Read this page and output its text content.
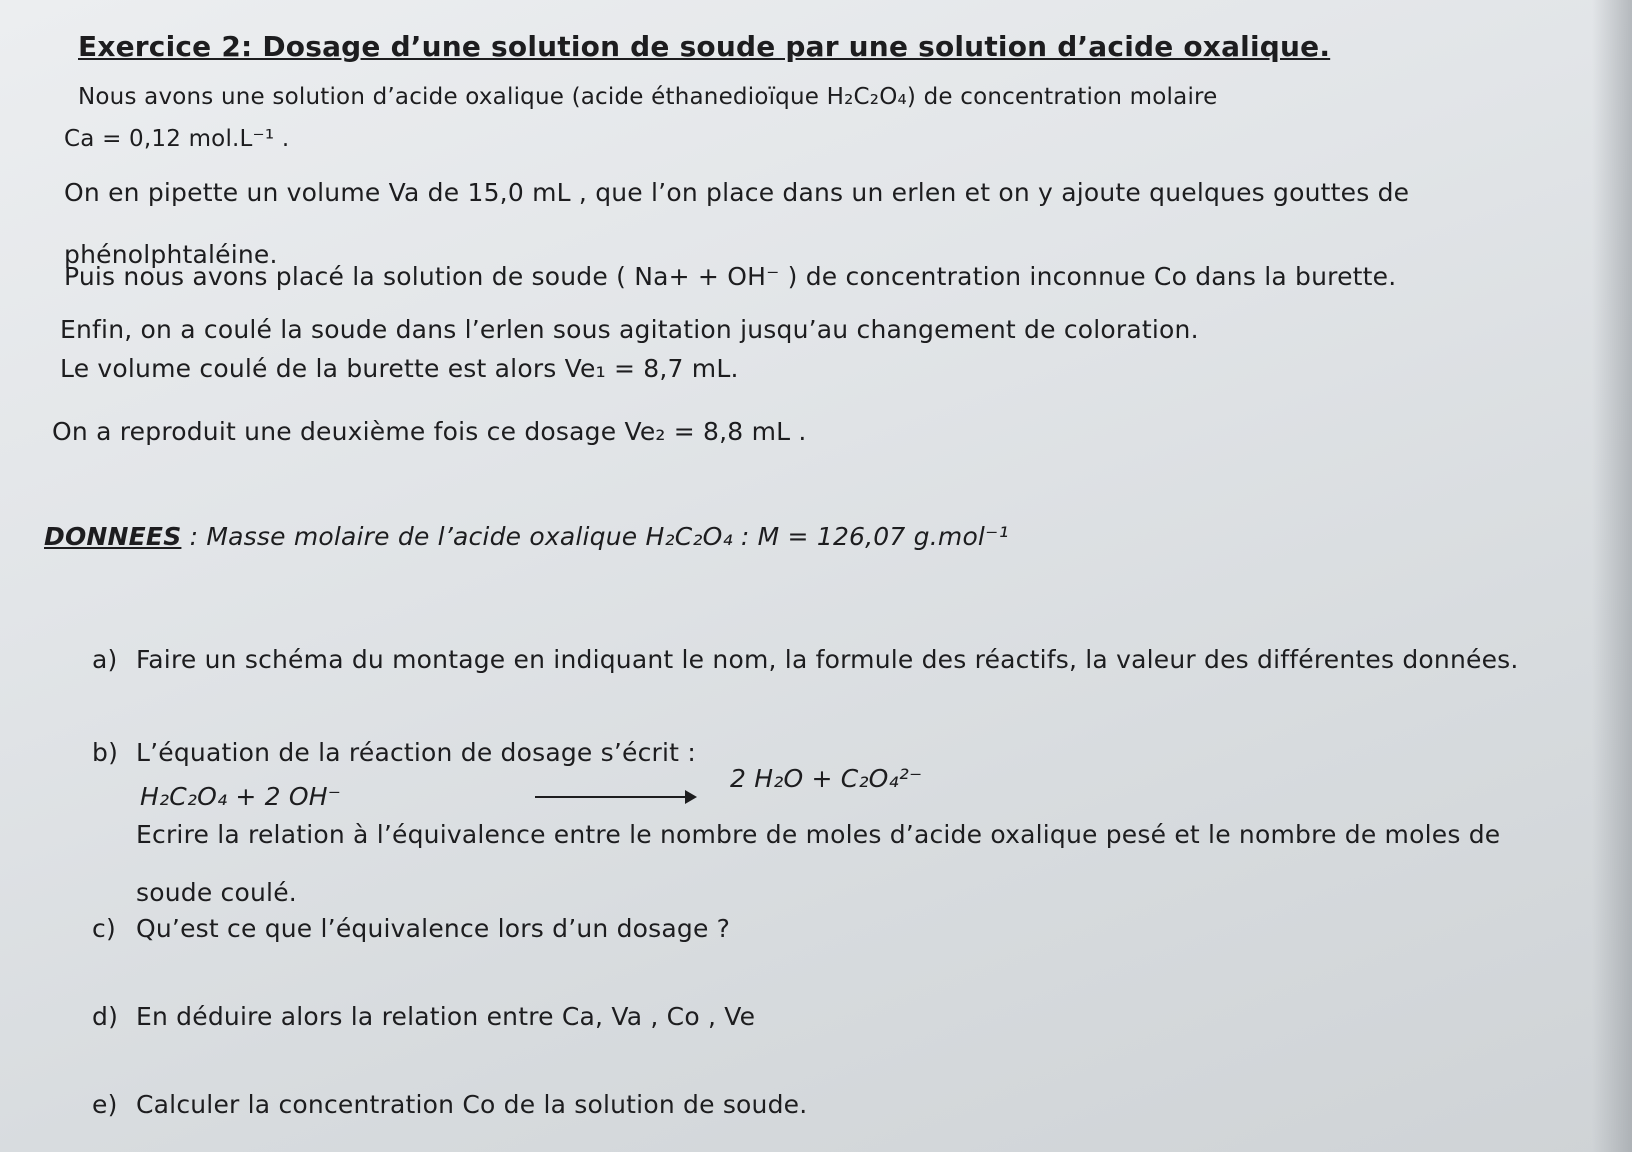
Exercice 2: Dosage d’une solution de soude par une solution d’acide oxalique.
Nous avons une solution d’acide oxalique (acide éthanedioïque H₂C₂O₄) de concentration molaire
Ca = 0,12 mol.L⁻¹ .
On en pipette un volume Va de 15,0 mL , que l’on place dans un erlen et on y ajoute quelques gouttes de
phénolphtaléine.
Puis nous avons placé la solution de soude ( Na+ + OH⁻ ) de concentration inconnue Co dans la burette.
Enfin, on a coulé la soude dans l’erlen sous agitation jusqu’au changement de coloration.
Le volume coulé de la burette est alors Ve₁ = 8,7 mL.
On a reproduit une deuxième fois ce dosage Ve₂ = 8,8 mL .
DONNEES : Masse molaire de l’acide oxalique H₂C₂O₄ : M = 126,07 g.mol⁻¹
a) Faire un schéma du montage en indiquant le nom, la formule des réactifs, la valeur des différentes données.
b) L’équation de la réaction de dosage s’écrit :
H₂C₂O₄ + 2 OH⁻
2 H₂O + C₂O₄²⁻
Ecrire la relation à l’équivalence entre le nombre de moles d’acide oxalique pesé et le nombre de moles de
soude coulé.
c) Qu’est ce que l’équivalence lors d’un dosage ?
d) En déduire alors la relation entre Ca, Va , Co , Ve
e) Calculer la concentration Co de la solution de soude.
